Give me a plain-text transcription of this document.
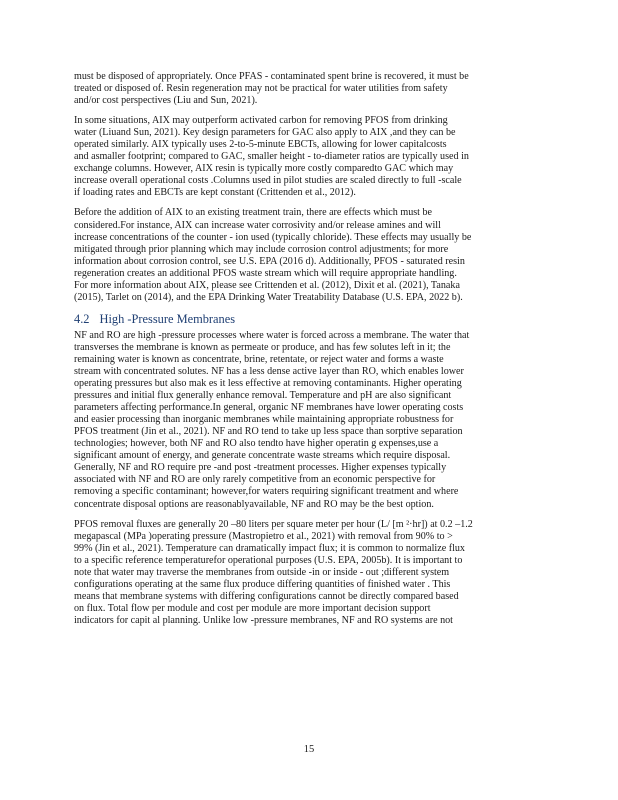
must be disposed of appropriately. Once PFAS - contaminated spent brine is recovered, it must be
treated or disposed of. Resin regeneration may not be practical for water utilities from safety
and/or cost perspectives (Liu and Sun, 2021).
In some situations, AIX may outperform activated carbon for removing PFOS from drinking
water (Liuand Sun, 2021). Key design parameters for GAC also apply to AIX ,and they can be
operated similarly. AIX typically uses 2-to-5-minute EBCTs, allowing for lower capitalcosts
and asmaller footprint; compared to GAC, smaller height - to-diameter ratios are typically used in
exchange columns. However, AIX resin is typically more costly comparedto GAC which may
increase overall operational costs .Columns used in pilot studies are scaled directly to full -scale
if loading rates and EBCTs are kept constant (Crittenden et al., 2012).
Before the addition of AIX to an existing treatment train, there are effects which must be
considered.For instance, AIX can increase water corrosivity and/or release amines and will
increase concentrations of the counter - ion used (typically chloride). These effects may usually be
mitigated through prior planning which may include corrosion control adjustments; for more
information about corrosion control, see U.S. EPA (2016 d). Additionally, PFOS - saturated resin
regeneration creates an additional PFOS waste stream which will require appropriate handling.
For more information about AIX, please see Crittenden et al. (2012), Dixit et al. (2021), Tanaka
(2015), Tarlet on (2014), and the EPA Drinking Water Treatability Database (U.S. EPA, 2022 b).
4.2 High -Pressure Membranes
NF and RO are high -pressure processes where water is forced across a membrane. The water that
transverses the membrane is known as permeate or produce, and has few solutes left in it; the
remaining water is known as concentrate, brine, retentate, or reject water and forms a waste
stream with concentrated solutes. NF has a less dense active layer than RO, which enables lower
operating pressures but also mak es it less effective at removing contaminants. Higher operating
pressures and initial flux generally enhance removal. Temperature and pH are also significant
parameters affecting performance.In general, organic NF membranes have lower operating costs
and easier processing than inorganic membranes while maintaining appropriate robustness for
PFOS treatment (Jin et al., 2021). NF and RO tend to take up less space than sorptive separation
technologies; however, both NF and RO also tendto have higher operatin g expenses,use a
significant amount of energy, and generate concentrate waste streams which require disposal.
Generally, NF and RO require pre -and post -treatment processes. Higher expenses typically
associated with NF and RO are only rarely competitive from an economic perspective for
removing a specific contaminant; however,for waters requiring significant treatment and where
concentrate disposal options are reasonablyavailable, NF and RO may be the best option.
PFOS removal fluxes are generally 20 –80 liters per square meter per hour (L/ [m ²·hr]) at 0.2 –1.2
megapascal (MPa )operating pressure (Mastropietro et al., 2021) with removal from 90% to >
99% (Jin et al., 2021). Temperature can dramatically impact flux; it is common to normalize flux
to a specific reference temperaturefor operational purposes (U.S. EPA, 2005b). It is important to
note that water may traverse the membranes from outside -in or inside - out ;different system
configurations operating at the same flux produce differing quantities of finished water . This
means that membrane systems with differing configurations cannot be directly compared based
on flux. Total flow per module and cost per module are more important decision support
indicators for capit al planning. Unlike low -pressure membranes, NF and RO systems are not
15
